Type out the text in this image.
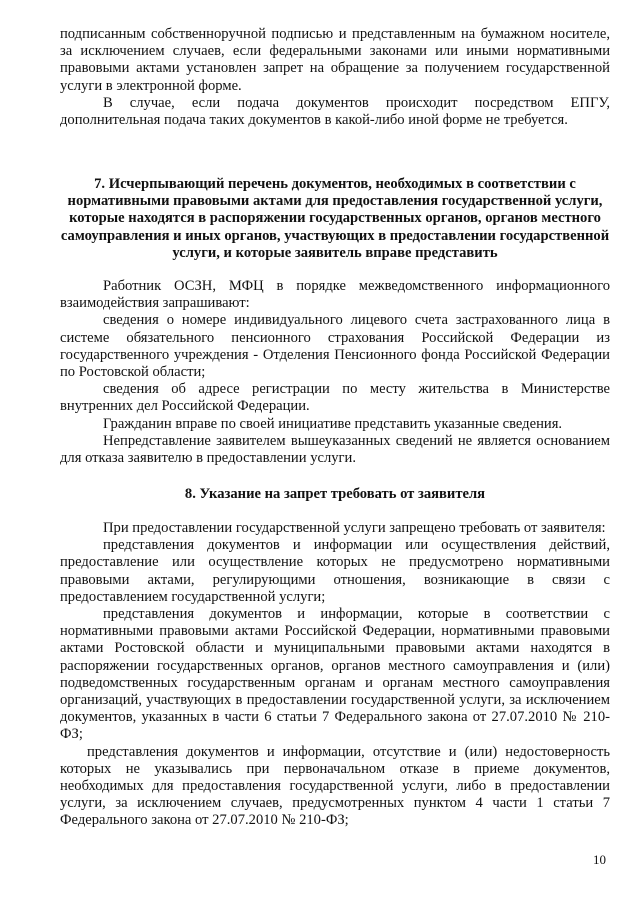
подписанным собственноручной подписью и представленным на бумажном носителе, за исключением случаев, если федеральными законами или иными нормативными правовыми актами установлен запрет на обращение за получением государственной услуги в электронной форме.

В случае, если подача документов происходит посредством ЕПГУ, дополнительная подача таких документов в какой-либо иной форме не требуется.

7. Исчерпывающий перечень документов, необходимых в соответствии с нормативными правовыми актами для предоставления государственной услуги, которые находятся в распоряжении государственных органов, органов местного самоуправления и иных органов, участвующих в предоставлении государственной услуги, и которые заявитель вправе представить

Работник ОСЗН, МФЦ в порядке межведомственного информационного взаимодействия запрашивают:

сведения о номере индивидуального лицевого счета застрахованного лица в системе обязательного пенсионного страхования Российской Федерации из государственного учреждения - Отделения Пенсионного фонда Российской Федерации по Ростовской области;

сведения об адресе регистрации по месту жительства в Министерстве внутренних дел Российской Федерации.

Гражданин вправе по своей инициативе представить указанные сведения.

Непредставление заявителем вышеуказанных сведений не является основанием для отказа заявителю в предоставлении услуги.

8. Указание на запрет требовать от заявителя

При предоставлении государственной услуги запрещено требовать от заявителя:

представления документов и информации или осуществления действий, предоставление или осуществление которых не предусмотрено нормативными правовыми актами, регулирующими отношения, возникающие в связи с предоставлением государственной услуги;

представления документов и информации, которые в соответствии с нормативными правовыми актами Российской Федерации, нормативными правовыми актами Ростовской области и муниципальными правовыми актами находятся в распоряжении государственных органов, органов местного самоуправления и (или) подведомственных государственным органам и органам местного самоуправления организаций, участвующих в предоставлении государственной услуги, за исключением документов, указанных в части 6 статьи 7 Федерального закона от 27.07.2010 № 210-ФЗ;

представления документов и информации, отсутствие и (или) недостоверность которых не указывались при первоначальном отказе в приеме документов, необходимых для предоставления государственной услуги, либо в предоставлении услуги, за исключением случаев, предусмотренных пунктом 4 части 1 статьи 7 Федерального закона от 27.07.2010 № 210-ФЗ;

10
